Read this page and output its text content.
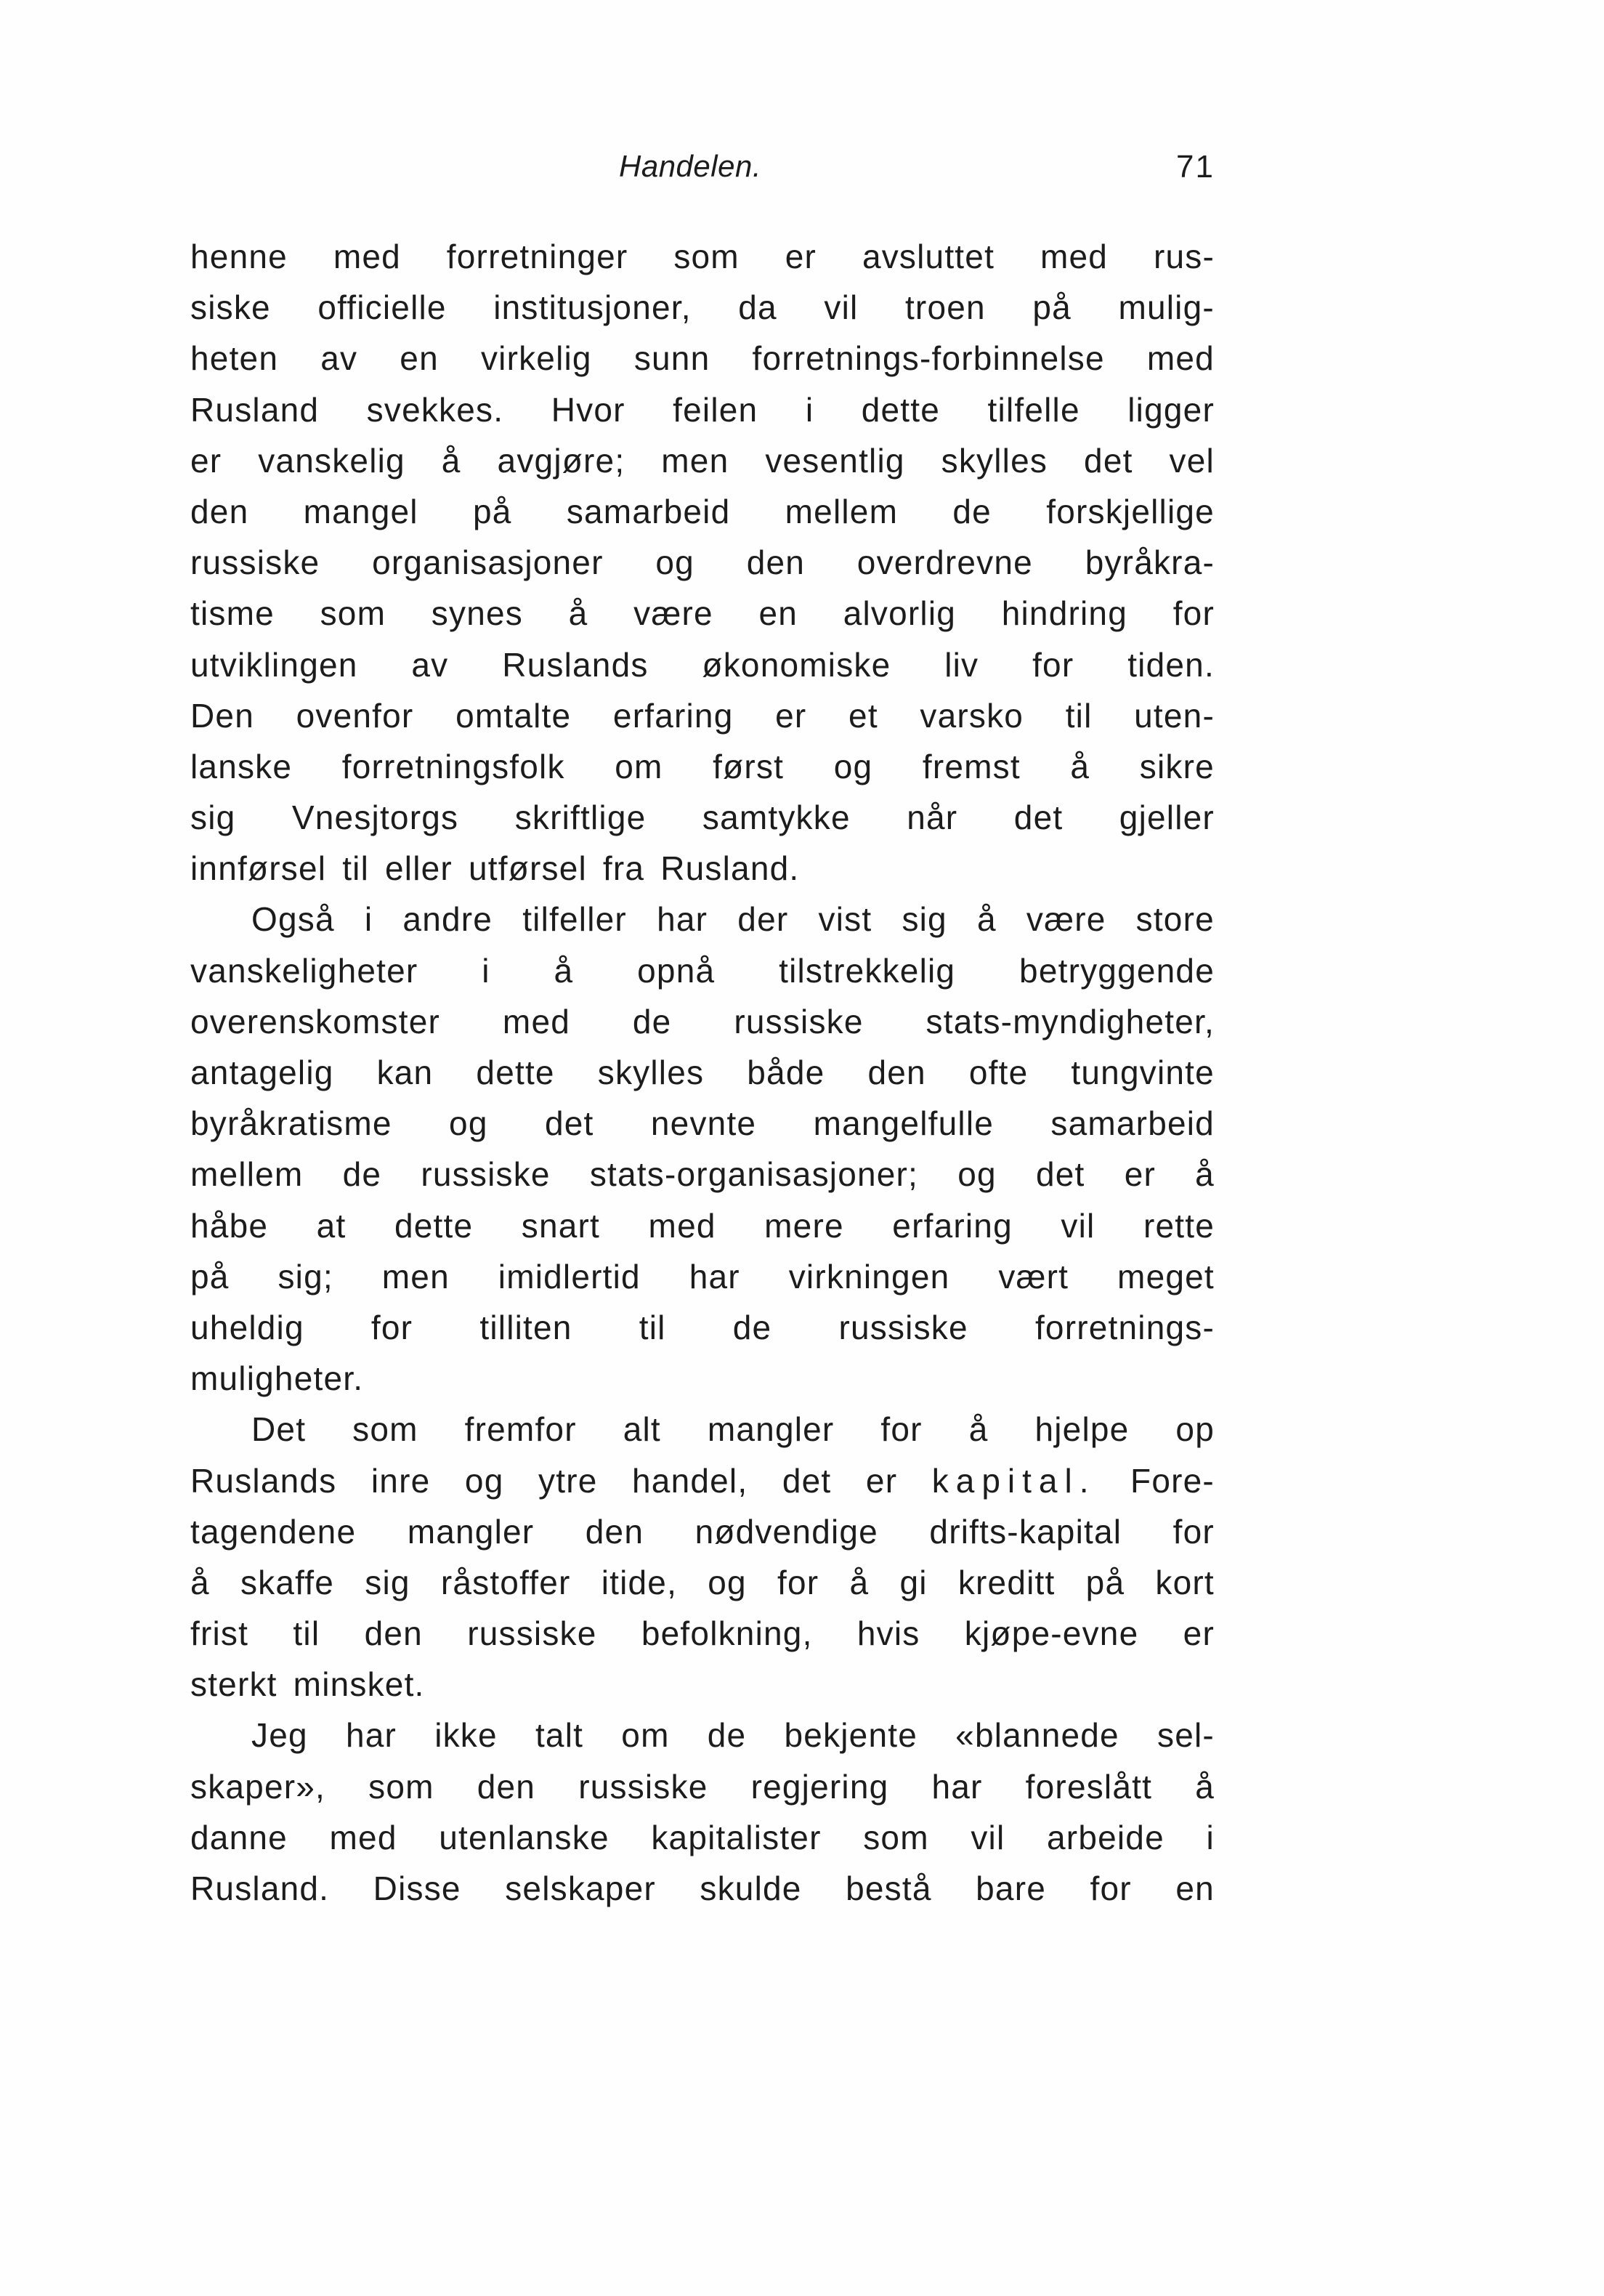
Handelen.	71
henne med forretninger som er avsluttet med rus-
siske officielle institusjoner, da vil troen på mulig-
heten av en virkelig sunn forretnings-forbinnelse med
Rusland svekkes. Hvor feilen i dette tilfelle ligger
er vanskelig å avgjøre; men vesentlig skylles det vel
den mangel på samarbeid mellem de forskjellige
russiske organisasjoner og den overdrevne byråkra-
tisme som synes å være en alvorlig hindring for
utviklingen av Ruslands økonomiske liv for tiden.
Den ovenfor omtalte erfaring er et varsko til uten-
lanske forretningsfolk om først og fremst å sikre
sig Vnesjtorgs skriftlige samtykke når det gjeller
innførsel til eller utførsel fra Rusland.
Også i andre tilfeller har der vist sig å være store
vanskeligheter i å opnå tilstrekkelig betryggende
overenskomster med de russiske stats-myndigheter,
antagelig kan dette skylles både den ofte tungvinte
byråkratisme og det nevnte mangelfulle samarbeid
mellem de russiske stats-organisasjoner; og det er å
håbe at dette snart med mere erfaring vil rette
på sig; men imidlertid har virkningen vært meget
uheldig for tilliten til de russiske forretnings-
muligheter.
Det som fremfor alt mangler for å hjelpe op
Ruslands inre og ytre handel, det er kapital. Fore-
tagendene mangler den nødvendige drifts-kapital for
å skaffe sig råstoffer itide, og for å gi kreditt på kort
frist til den russiske befolkning, hvis kjøpe-evne er
sterkt minsket.
Jeg har ikke talt om de bekjente «blannede sel-
skaper», som den russiske regjering har foreslått å
danne med utenlanske kapitalister som vil arbeide i
Rusland. Disse selskaper skulde bestå bare for en
